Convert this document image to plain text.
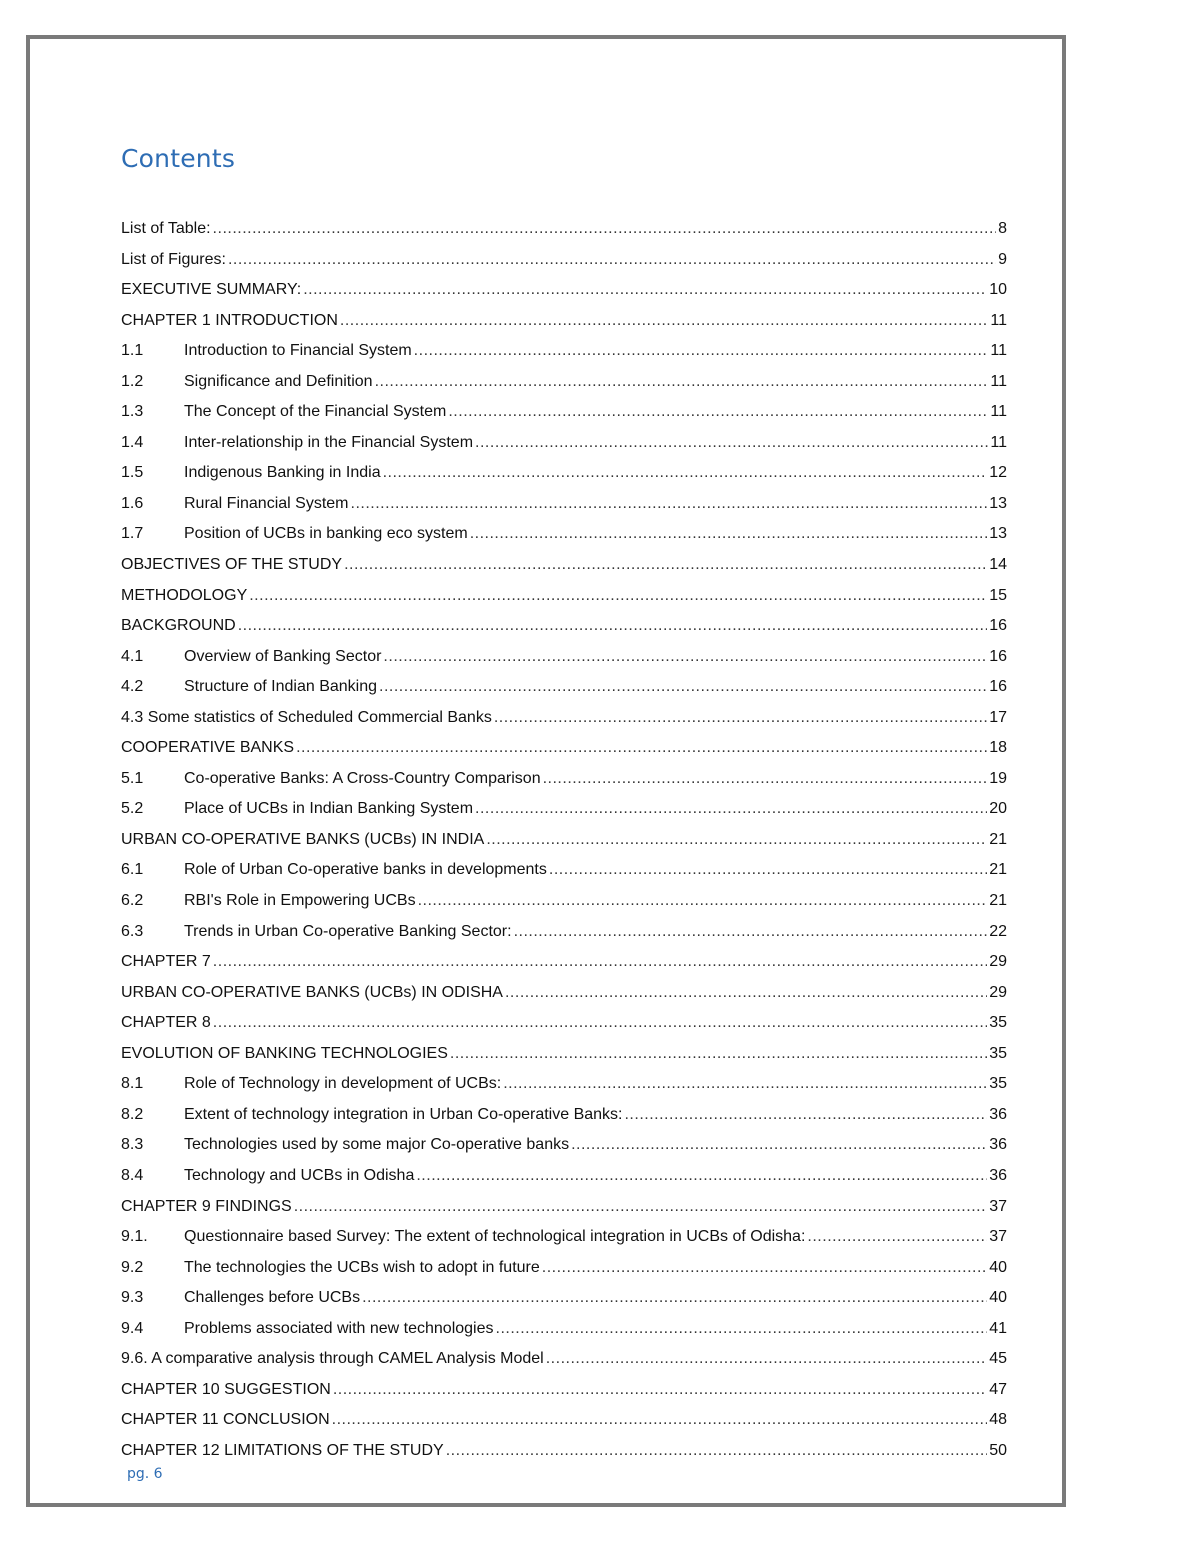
Contents
List of Table: .....	8
List of Figures: .....	9
EXECUTIVE SUMMARY: .....	10
CHAPTER 1 INTRODUCTION .....	11
1.1	Introduction to Financial System .....	11
1.2	Significance and Definition .....	11
1.3	The Concept of the Financial System .....	11
1.4	Inter-relationship in the Financial System .....	11
1.5	Indigenous Banking in India .....	12
1.6	Rural Financial System .....	13
1.7	Position of UCBs in banking eco system .....	13
OBJECTIVES OF THE STUDY .....	14
METHODOLOGY .....	15
BACKGROUND .....	16
4.1	Overview of Banking Sector .....	16
4.2	Structure of Indian Banking .....	16
4.3 Some statistics of Scheduled Commercial Banks .....	17
COOPERATIVE BANKS .....	18
5.1	Co-operative Banks: A Cross-Country Comparison .....	19
5.2	Place of UCBs in Indian Banking System .....	20
URBAN CO-OPERATIVE BANKS (UCBs) IN INDIA .....	21
6.1	Role of Urban Co-operative banks in developments .....	21
6.2	RBI's Role in Empowering UCBs .....	21
6.3	Trends in Urban Co-operative Banking Sector: .....	22
CHAPTER 7 .....	29
URBAN CO-OPERATIVE BANKS (UCBs) IN ODISHA .....	29
CHAPTER 8 .....	35
EVOLUTION OF BANKING TECHNOLOGIES .....	35
8.1	Role of Technology in development of UCBs: .....	35
8.2	Extent of technology integration in Urban Co-operative Banks: .....	36
8.3	Technologies used by some major Co-operative banks .....	36
8.4	Technology and UCBs in Odisha .....	36
CHAPTER 9 FINDINGS .....	37
9.1.	Questionnaire based Survey: The extent of technological integration in UCBs of Odisha: .....	37
9.2	The technologies the UCBs wish to adopt in future .....	40
9.3	Challenges before UCBs .....	40
9.4	Problems associated with new technologies .....	41
9.6. A comparative analysis through CAMEL Analysis Model .....	45
CHAPTER 10 SUGGESTION .....	47
CHAPTER 11 CONCLUSION .....	48
CHAPTER 12 LIMITATIONS OF THE STUDY .....	50
pg. 6
